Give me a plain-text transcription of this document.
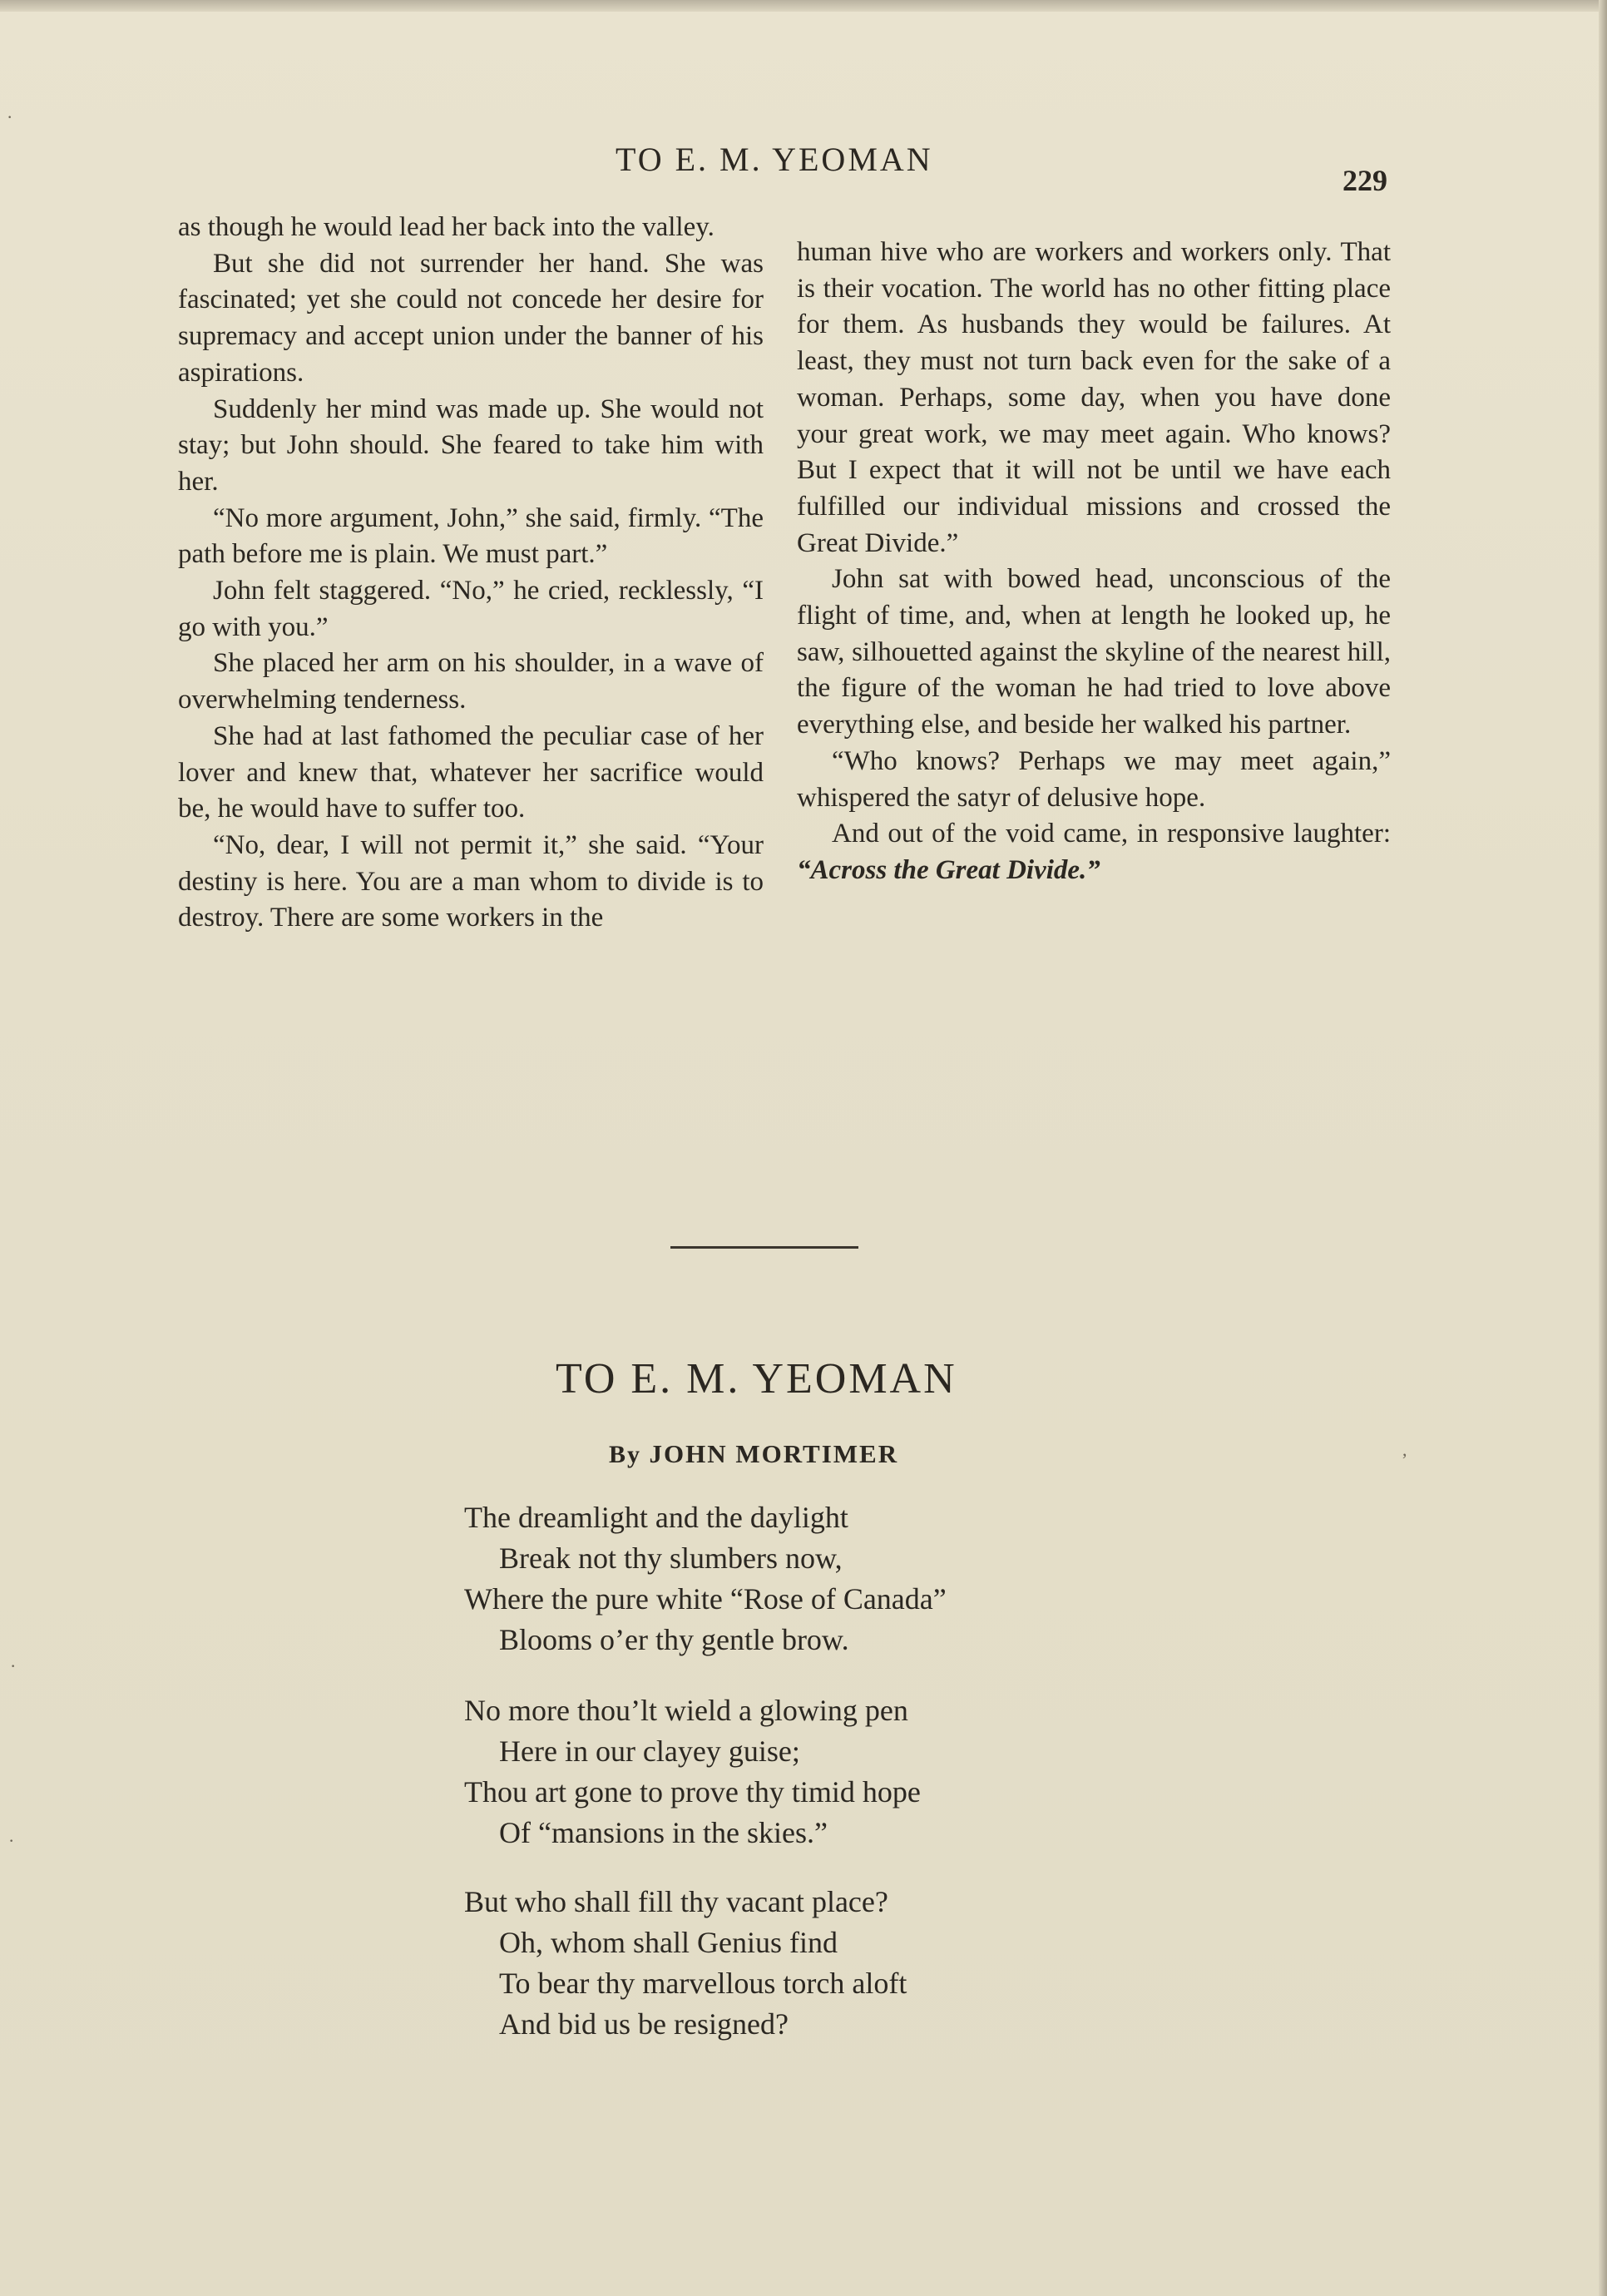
TO E. M. YEOMAN
229

as though he would lead her back into the valley.

But she did not surrender her hand. She was fascinated; yet she could not concede her desire for supremacy and accept union under the banner of his aspirations.

Suddenly her mind was made up. She would not stay; but John should. She feared to take him with her.

“No more argument, John,” she said, firmly. “The path before me is plain. We must part.”

John felt staggered. “No,” he cried, recklessly, “I go with you.”

She placed her arm on his shoulder, in a wave of overwhelming tenderness.

She had at last fathomed the peculiar case of her lover and knew that, whatever her sacrifice would be, he would have to suffer too.

“No, dear, I will not permit it,” she said. “Your destiny is here. You are a man whom to divide is to destroy. There are some workers in the

human hive who are workers and workers only. That is their vocation. The world has no other fitting place for them. As husbands they would be failures. At least, they must not turn back even for the sake of a woman. Perhaps, some day, when you have done your great work, we may meet again. Who knows? But I expect that it will not be until we have each fulfilled our individual missions and crossed the Great Divide.”

John sat with bowed head, unconscious of the flight of time, and, when at length he looked up, he saw, silhouetted against the skyline of the nearest hill, the figure of the woman he had tried to love above everything else, and beside her walked his partner.

“Who knows? Perhaps we may meet again,” whispered the satyr of delusive hope.

And out of the void came, in responsive laughter: “Across the Great Divide.”

TO E. M. YEOMAN
By JOHN MORTIMER
The dreamlight and the daylight
Break not thy slumbers now,
Where the pure white “Rose of Canada”
Blooms o’er thy gentle brow.
No more thou’lt wield a glowing pen
Here in our clayey guise;
Thou art gone to prove thy timid hope
Of “mansions in the skies.”
But who shall fill thy vacant place?
Oh, whom shall Genius find
To bear thy marvellous torch aloft
And bid us be resigned?
·
·
·
,
